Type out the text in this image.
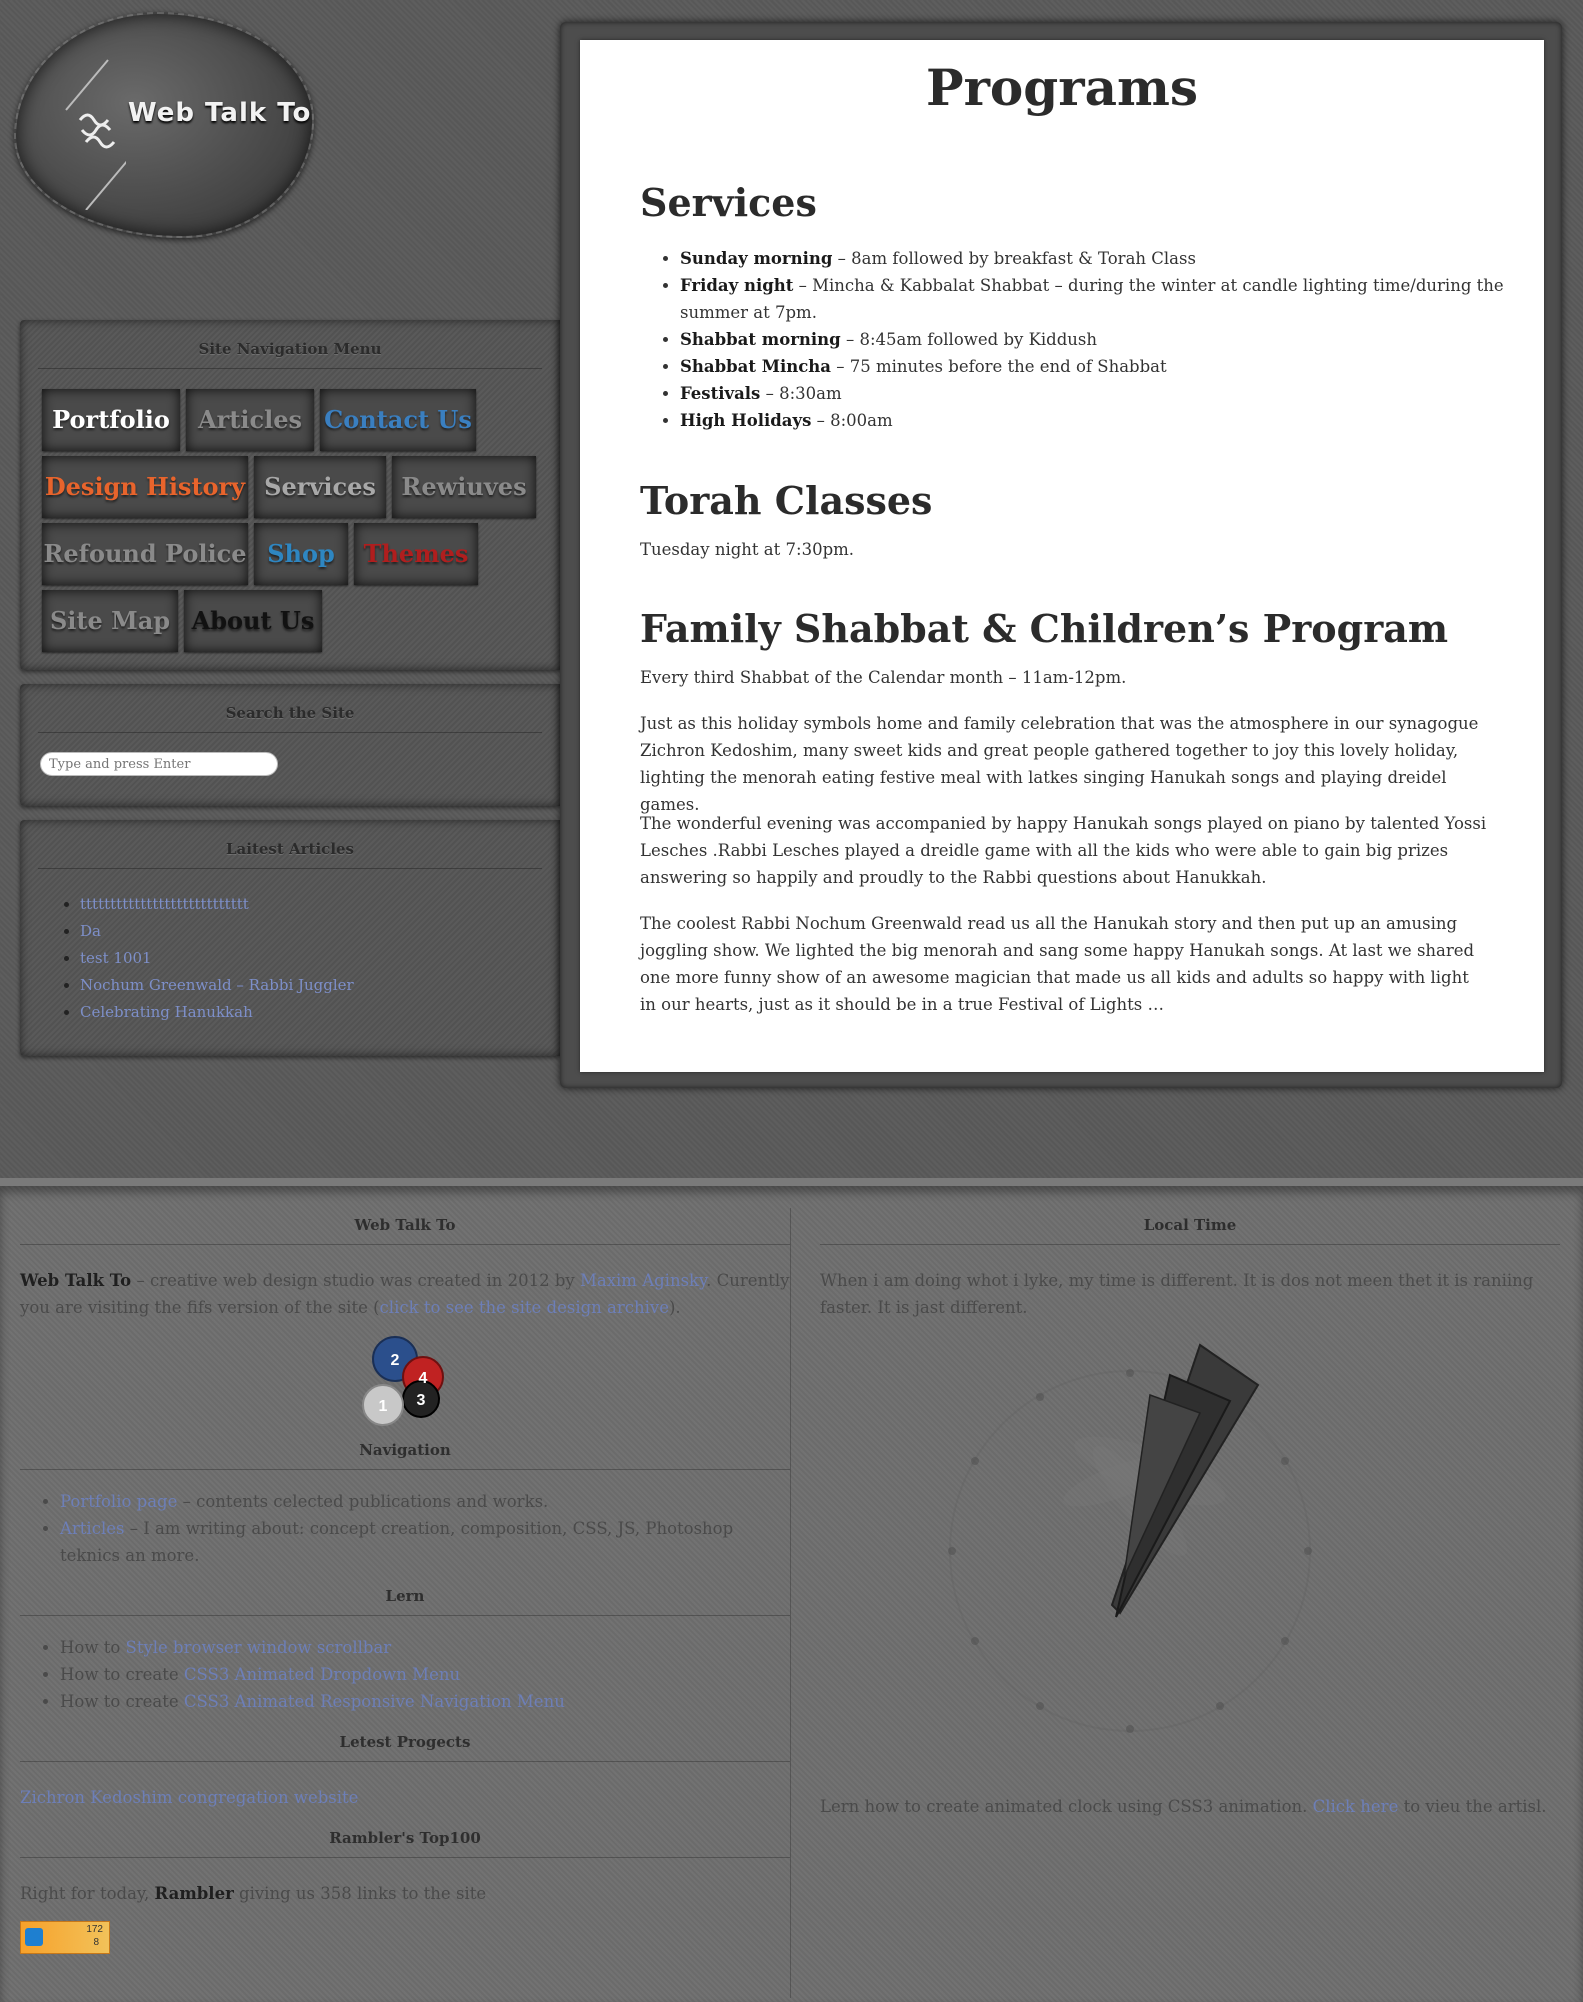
Web Talk To
Site Navigation Menu
Portfolio	Articles Contact Us
Design History Services	Rewiuves
Refound Police Shop	Themes
Site Map About Us
Search the Site
Type and press Enter
Laitest Articles
• tttttttttttttttttttttttttttt
• Da
• test 1001
• Nochum Greenwald – Rabbi Juggler
• Celebrating Hanukkah
Programs
Services
• Sunday morning – 8am followed by breakfast & Torah Class
• Friday night – Mincha & Kabbalat Shabbat – during the winter at candle lighting time/during the summer at 7pm.
• Shabbat morning – 8:45am followed by Kiddush
• Shabbat Mincha – 75 minutes before the end of Shabbat
• Festivals – 8:30am
• High Holidays – 8:00am
Torah Classes

Tuesday night at 7:30pm.

Family Shabbat & Children’s Program

Every third Shabbat of the Calendar month – 11am-12pm.

Just as this holiday symbols home and family celebration that was the atmosphere in our synagogue Zichron Kedoshim, many sweet kids and great people gathered together to joy this lovely holiday, lighting the menorah eating festive meal with latkes singing Hanukah songs and playing dreidel games.

The wonderful evening was accompanied by happy Hanukah songs played on piano by talented Yossi Lesches .Rabbi Lesches played a dreidle game with all the kids who were able to gain big prizes answering so happily and proudly to the Rabbi questions about Hanukkah.

The coolest Rabbi Nochum Greenwald read us all the Hanukah story and then put up an amusing joggling show. We lighted the big menorah and sang some happy Hanukah songs. At last we shared one more funny show of an awesome magician that made us all kids and adults so happy with light in our hearts, just as it should be in a true Festival of Lights …

Web Talk To

Web Talk To – creative web design studio was created in 2012 by Maxim Aginsky. Curently you are visiting the fifs version of the site (click to see the site design archive).

2
4
1 3
Navigation
• Portfolio page – contents celected publications and works.
• Articles – I am writing about: concept creation, composition, CSS, JS, Photoshop teknics an more.
Lern
• How to Style browser window scrollbar
• How to create CSS3 Animated Dropdown Menu
• How to create CSS3 Animated Responsive Navigation Menu
Letest Progects

Zichron Kedoshim congregation website

Rambler's Top100

Right for today, Rambler giving us 358 links to the site

172
8
Local Time

When i am doing whot i lyke, my time is different. It is dos not meen thet it is raniing faster. It is jast different.

Lern how to create animated clock using CSS3 animation. Click here to vieu the artisl.
